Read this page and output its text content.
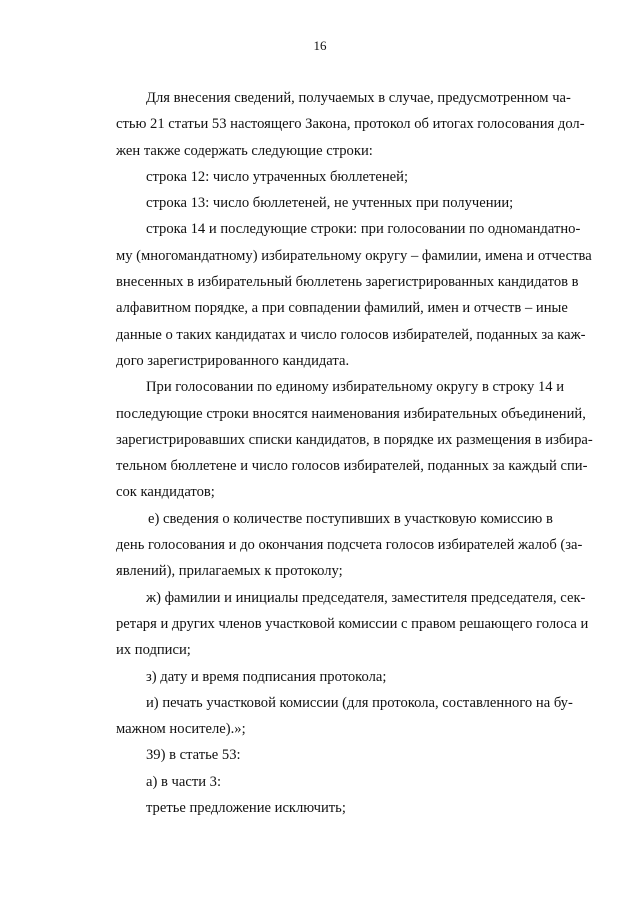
16

Для внесения сведений, получаемых в случае, предусмотренном ча-
стью 21 статьи 53 настоящего Закона, протокол об итогах голосования дол-
жен также содержать следующие строки:

строка 12: число утраченных бюллетеней;

строка 13: число бюллетеней, не учтенных при получении;

строка 14 и последующие строки: при голосовании по одномандатно-
му (многомандатному) избирательному округу – фамилии, имена и отчества
внесенных в избирательный бюллетень зарегистрированных кандидатов в
алфавитном порядке, а при совпадении фамилий, имен и отчеств – иные
данные о таких кандидатах и число голосов избирателей, поданных за каж-
дого зарегистрированного кандидата.

При голосовании по единому избирательному округу в строку 14 и
последующие строки вносятся наименования избирательных объединений,
зарегистрировавших списки кандидатов, в порядке их размещения в избира-
тельном бюллетене и число голосов избирателей, поданных за каждый спи-
сок кандидатов;

е) сведения о количестве поступивших в участковую комиссию в
день голосования и до окончания подсчета голосов избирателей жалоб (за-
явлений), прилагаемых к протоколу;

ж) фамилии и инициалы председателя, заместителя председателя, сек-
ретаря и других членов участковой комиссии с правом решающего голоса и
их подписи;

з) дату и время подписания протокола;

и) печать участковой комиссии (для протокола, составленного на бу-
мажном носителе).»;

39) в статье 53:

а) в части 3:

третье предложение исключить;
